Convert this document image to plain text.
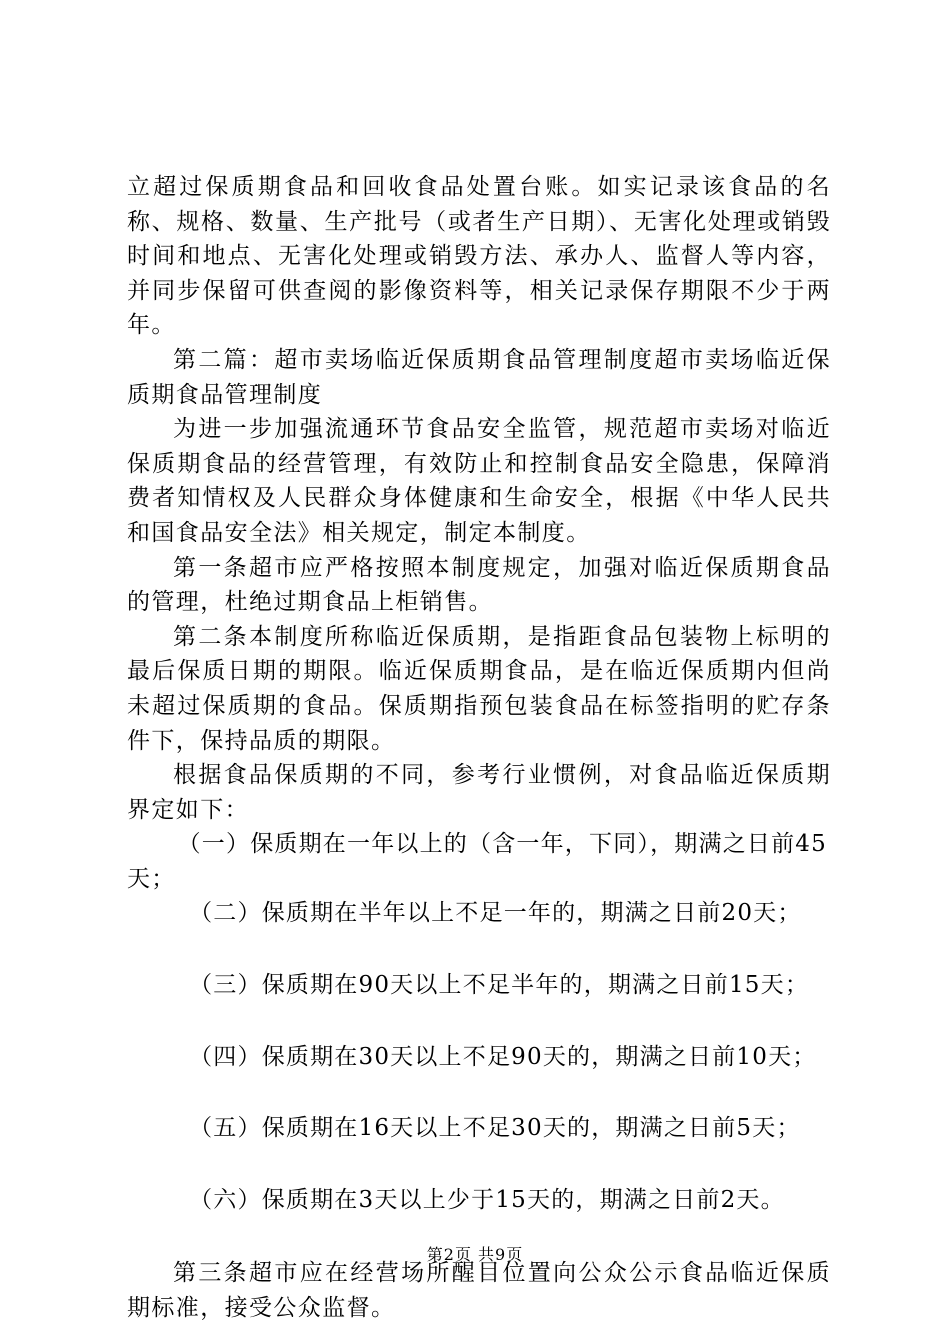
立超过保质期食品和回收食品处置台账。如实记录该食品的名称、规格、数量、生产批号（或者生产日期）、无害化处理或销毁时间和地点、无害化处理或销毁方法、承办人、监督人等内容，并同步保留可供查阅的影像资料等，相关记录保存期限不少于两年。

第二篇：超市卖场临近保质期食品管理制度超市卖场临近保质期食品管理制度

为进一步加强流通环节食品安全监管，规范超市卖场对临近保质期食品的经营管理，有效防止和控制食品安全隐患，保障消费者知情权及人民群众身体健康和生命安全，根据《中华人民共和国食品安全法》相关规定，制定本制度。

第一条超市应严格按照本制度规定，加强对临近保质期食品的管理，杜绝过期食品上柜销售。

第二条本制度所称临近保质期，是指距食品包装物上标明的最后保质日期的期限。临近保质期食品，是在临近保质期内但尚未超过保质期的食品。保质期指预包装食品在标签指明的贮存条件下，保持品质的期限。

根据食品保质期的不同，参考行业惯例，对食品临近保质期界定如下：

（一）保质期在一年以上的（含一年，下同），期满之日前45天；

（二）保质期在半年以上不足一年的，期满之日前20天；

（三）保质期在90天以上不足半年的，期满之日前15天；

（四）保质期在30天以上不足90天的，期满之日前10天；

（五）保质期在16天以上不足30天的，期满之日前5天；

（六）保质期在3天以上少于15天的，期满之日前2天。

第三条超市应在经营场所醒目位置向公众公示食品临近保质期标准，接受公众监督。

第2页 共9页
